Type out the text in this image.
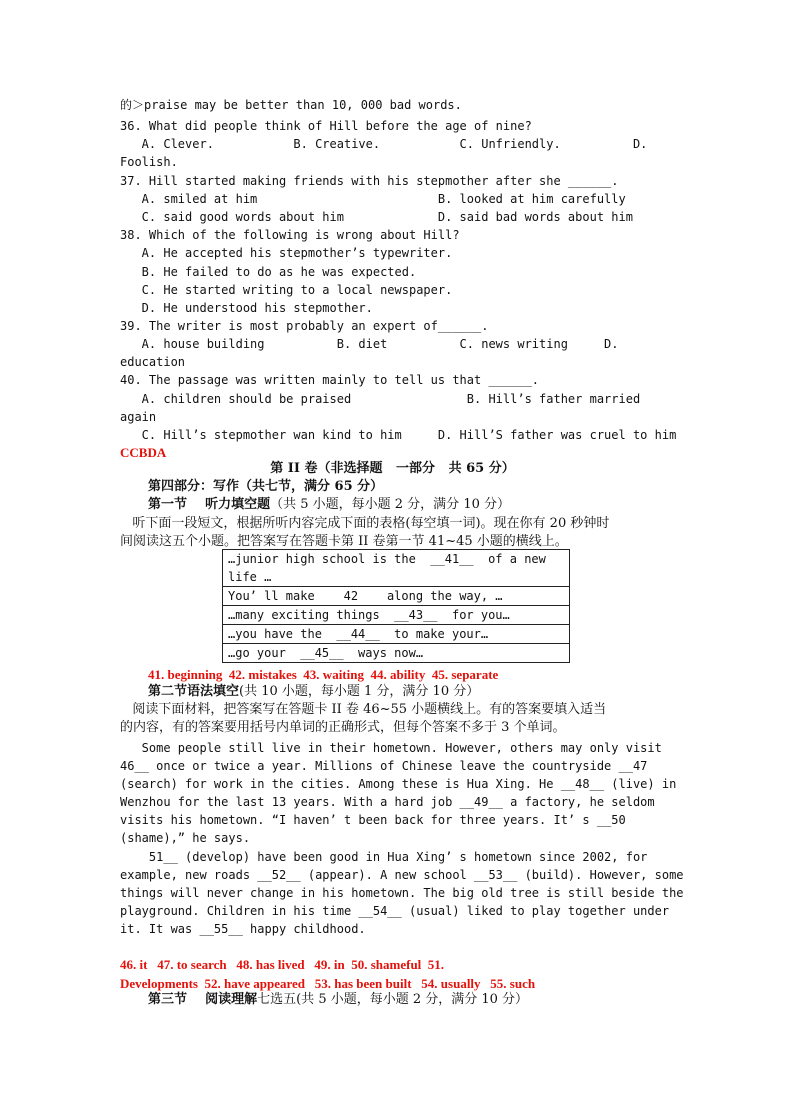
的＞praise may be better than 10, 000 bad words.
36. What did people think of Hill before the age of nine?
A. Clever.           B. Creative.           C. Unfriendly.          D.
Foolish.
37. Hill started making friends with his stepmother after she ______.
A. smiled at him                         B. looked at him carefully
C. said good words about him             D. said bad words about him
38. Which of the following is wrong about Hill?
A. He accepted his stepmother’s typewriter.
B. He failed to do as he was expected.
C. He started writing to a local newspaper.
D. He understood his stepmother.
39. The writer is most probably an expert of______.
A. house building          B. diet          C. news writing     D.
education
40. The passage was written mainly to tell us that ______.
A. children should be praised                B. Hill’s father married
again
C. Hill’s stepmother wan kind to him     D. Hill’S father was cruel to him
CCBDA
第 II 卷（非选择题   一部分   共 65 分）
第四部分：写作（共七节，满分 65 分）
第一节    听力填空题（共 5 小题，每小题 2 分，满分 10 分）
听下面一段短文，根据所听内容完成下面的表格(每空填一词)。现在你有 20 秒钟时
间阅读这五个小题。把答案写在答题卡第 II 卷第一节 41~45 小题的横线上。
…junior high school is the  __41__  of a new life …
You’ ll make    42    along the way, …
…many exciting things  __43__  for you…
…you have the  __44__  to make your…
…go your  __45__  ways now…
41. beginning  42. mistakes  43. waiting  44. ability  45. separate
第二节语法填空(共 10 小题，每小题 1 分，满分 10 分）
阅读下面材料，把答案写在答题卡 II 卷 46~55 小题横线上。有的答案要填入适当
的内容，有的答案要用括号内单词的正确形式，但每个答案不多于 3 个单词。
Some people still live in their hometown. However, others may only visit
46__ once or twice a year. Millions of Chinese leave the countryside __47
(search) for work in the cities. Among these is Hua Xing. He __48__ (live) in
Wenzhou for the last 13 years. With a hard job __49__ a factory, he seldom
visits his hometown. “I haven’ t been back for three years. It’ s __50
(shame),” he says.
51__ (develop) have been good in Hua Xing’ s hometown since 2002, for
example, new roads __52__ (appear). A new school __53__ (build). However, some
things will never change in his hometown. The big old tree is still beside the
playground. Children in his time __54__ (usual) liked to play together under
it. It was __55__ happy childhood.
46. it   47. to search   48. has lived   49. in  50. shameful  51.
Developments  52. have appeared   53. has been built   54. usually   55. such
第三节    阅读理解七选五(共 5 小题，每小题 2 分，满分 10 分）
